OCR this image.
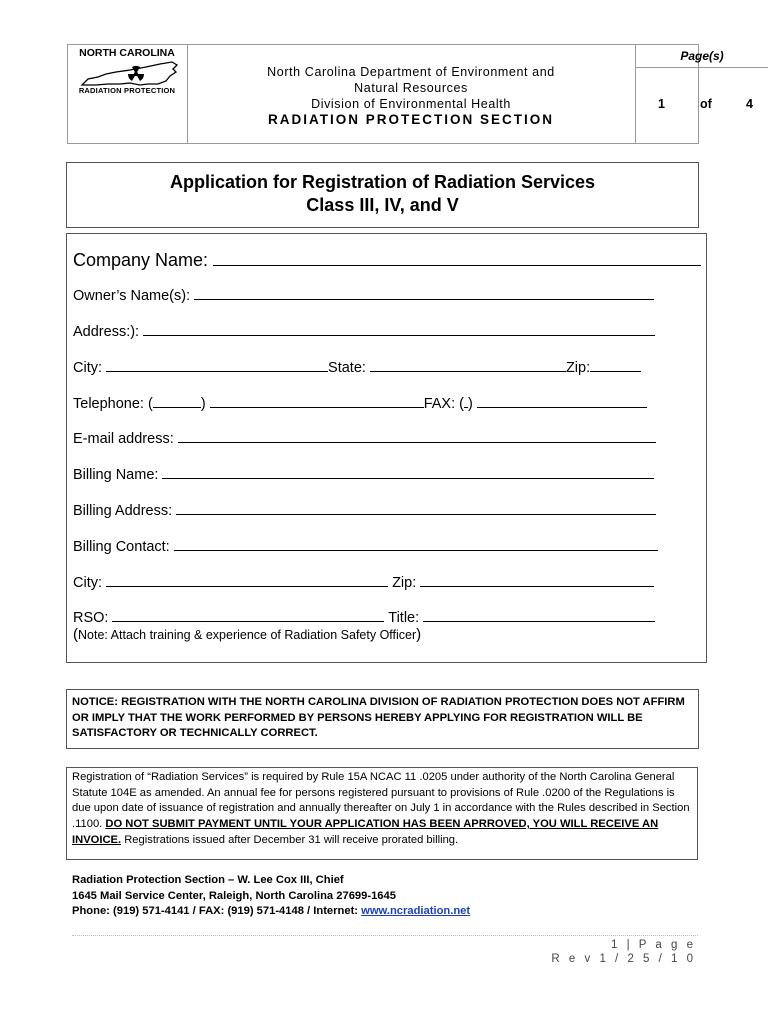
NORTH CAROLINA
RADIATION PROTECTION
North Carolina Department of Environment and
Natural Resources
Division of Environmental Health
RADIATION PROTECTION SECTION
Page(s)
1	of	4
Application for Registration of Radiation Services
Class III, IV, and V
Company Name:
Owner’s Name(s):
Address:):
City:	State:	Zip:
Telephone: (	)	FAX: ( )
E-mail address:
Billing Name:
Billing Address:
Billing Contact:
City:	Zip:
RSO:	Title:
(Note: Attach training & experience of Radiation Safety Officer)
NOTICE: REGISTRATION WITH THE NORTH CAROLINA DIVISION OF RADIATION PROTECTION DOES NOT AFFIRM OR IMPLY THAT THE WORK PERFORMED BY PERSONS HEREBY APPLYING FOR REGISTRATION WILL BE SATISFACTORY OR TECHNICALLY CORRECT.
Registration of “Radiation Services” is required by Rule 15A NCAC 11 .0205 under authority of the North Carolina General Statute 104E as amended. An annual fee for persons registered pursuant to provisions of Rule .0200 of the Regulations is due upon date of issuance of registration and annually thereafter on July 1 in accordance with the Rules described in Section .1100. DO NOT SUBMIT PAYMENT UNTIL YOUR APPLICATION HAS BEEN APRROVED, YOU WILL RECEIVE AN INVOICE. Registrations issued after December 31 will receive prorated billing.
Radiation Protection Section – W. Lee Cox III, Chief
1645 Mail Service Center, Raleigh, North Carolina 27699-1645
Phone: (919) 571-4141 / FAX: (919) 571-4148 / Internet: www.ncradiation.net
1 | P a g e
R e v 1 / 2 5 / 1 0
